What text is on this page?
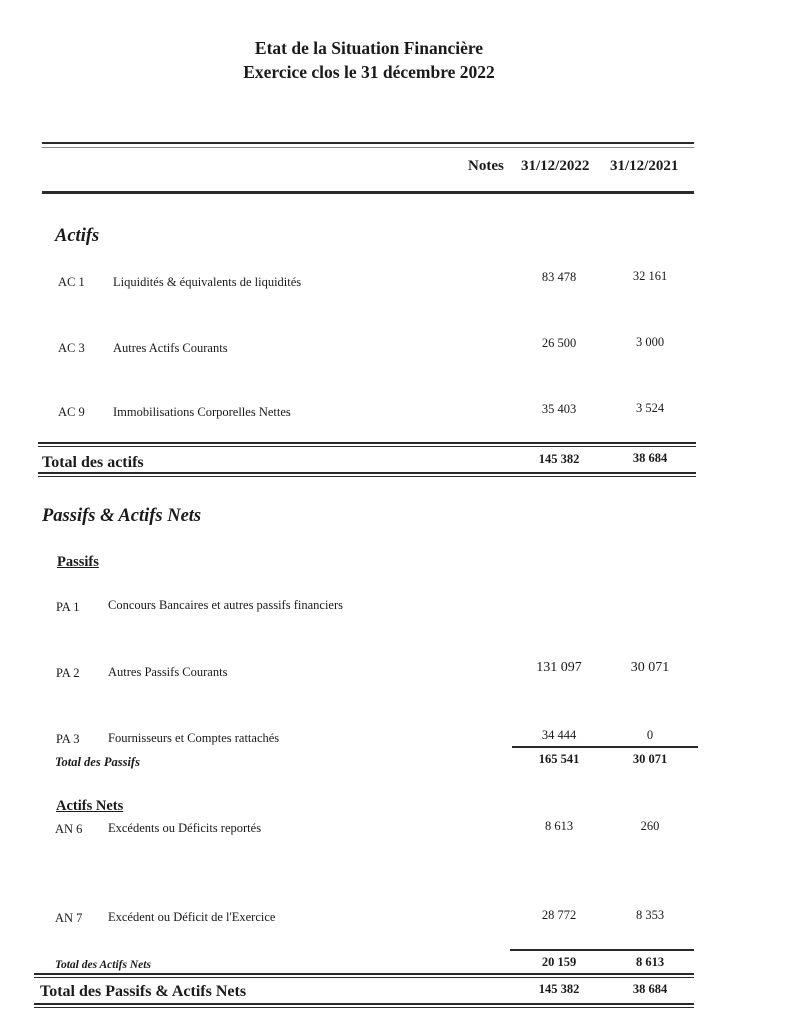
Etat de la Situation Financière
Exercice clos le 31 décembre 2022
Notes 31/12/2022 31/12/2021
Actifs
AC 1 Liquidités & équivalents de liquidités	83 478	32 161
AC 3 Autres Actifs Courants	26 500	3 000
AC 9 Immobilisations Corporelles Nettes	35 403	3 524
Total des actifs	145 382	38 684
Passifs & Actifs Nets
Passifs
PA 1 Concours Bancaires et autres passifs financiers
PA 2 Autres Passifs Courants	131 097	30 071
PA 3 Fournisseurs et Comptes rattachés	34 444	0
Total des Passifs	165 541	30 071
Actifs Nets
AN 6 Excédents ou Déficits reportés	8 613	260
AN 7 Excédent ou Déficit de l'Exercice	28 772	8 353
Total des Actifs Nets	20 159	8 613
Total des Passifs & Actifs Nets	145 382	38 684
